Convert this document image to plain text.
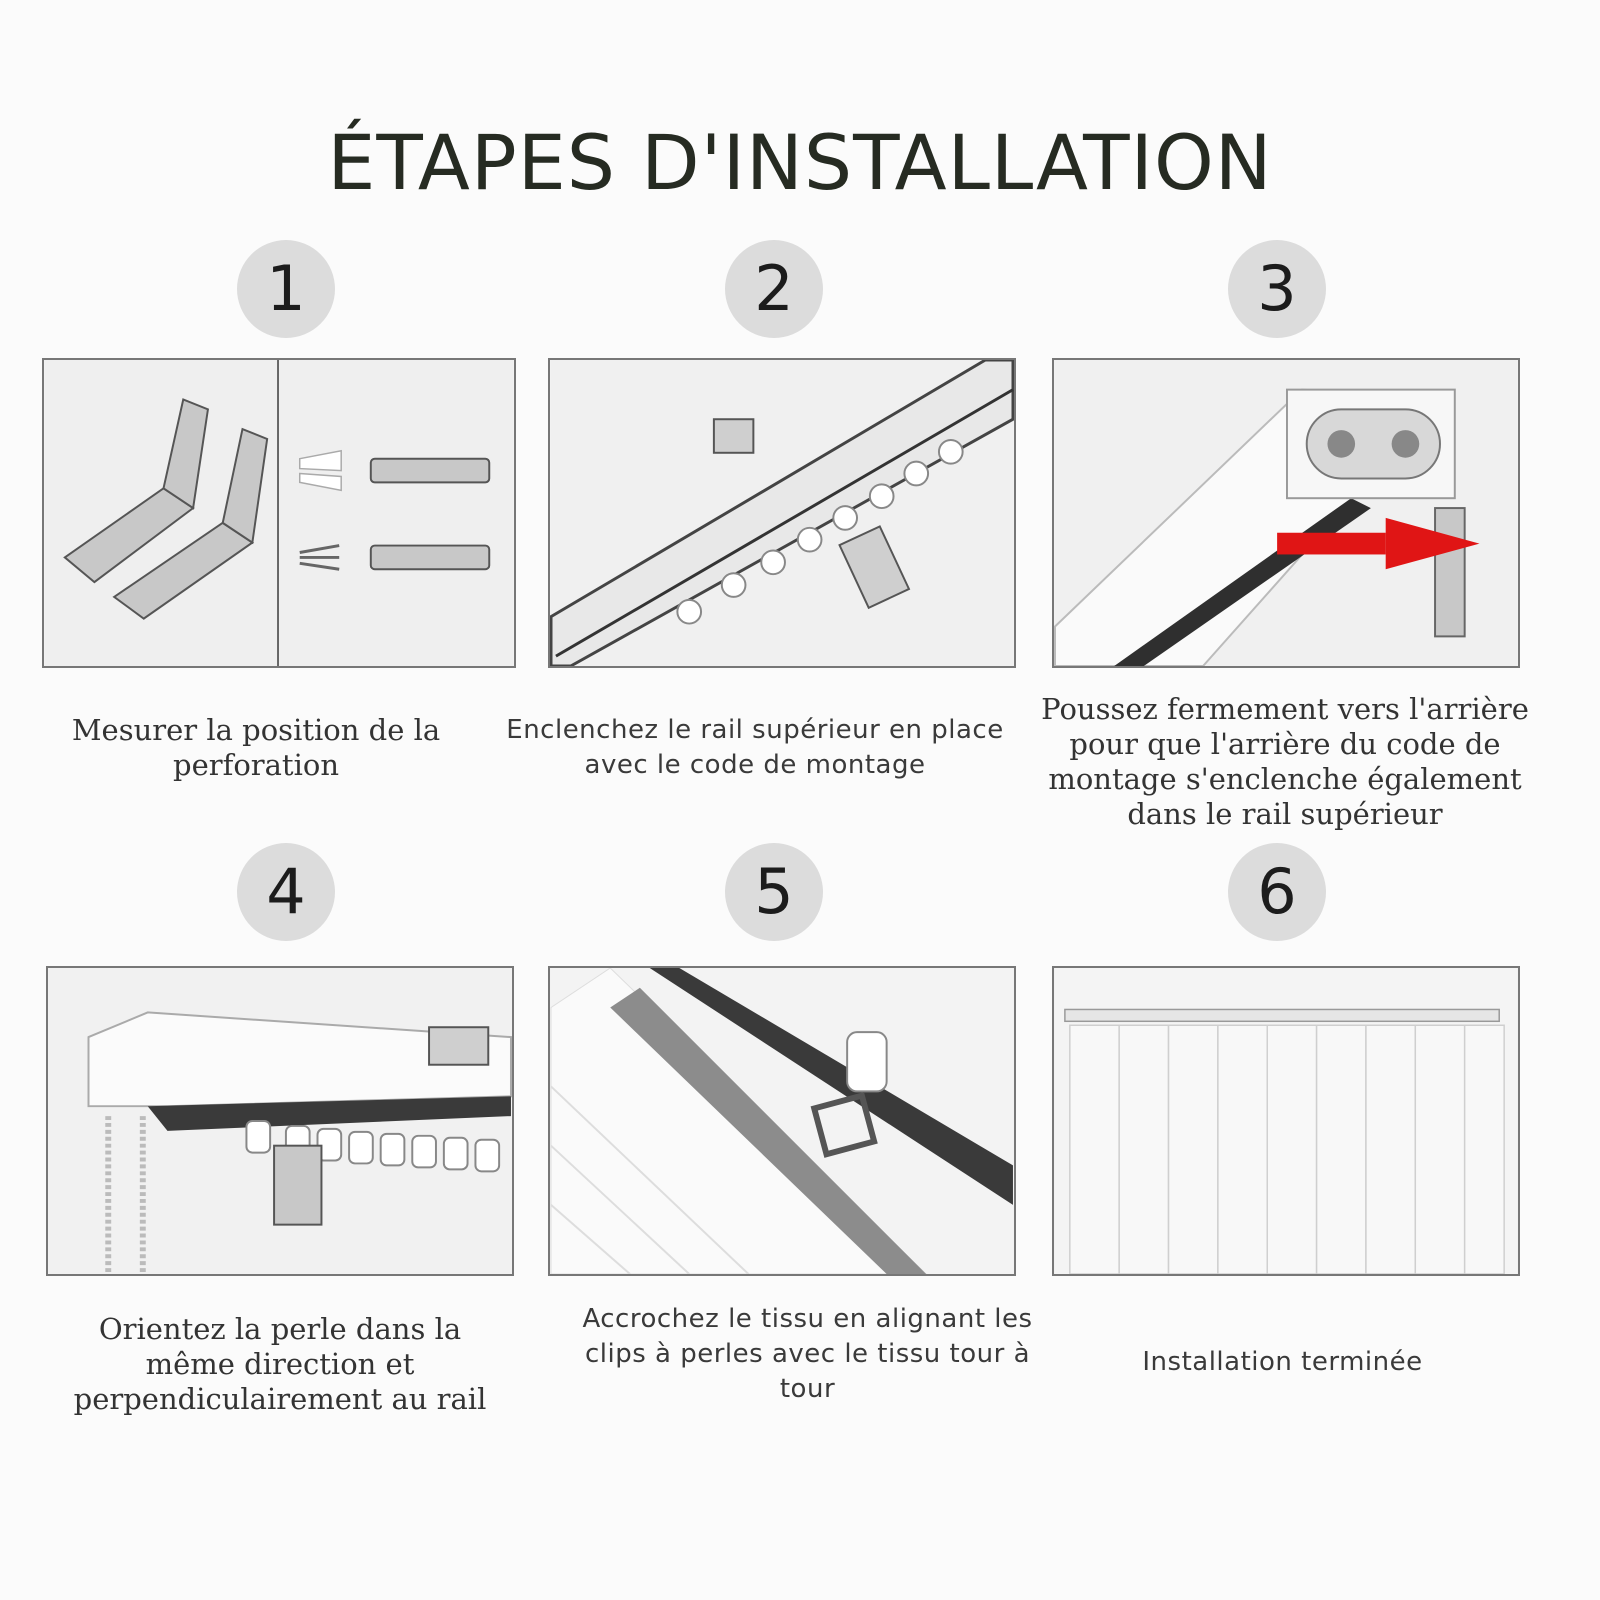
ÉTAPES D'INSTALLATION
1	2	3
Mesurer la position de la perforation
Enclenchez le rail supérieur en place avec le code de montage
Poussez fermement vers l'arrière pour que l'arrière du code de montage s'enclenche également dans le rail supérieur
4	5	6
Orientez la perle dans la même direction et perpendiculairement au rail
Accrochez le tissu en alignant les clips à perles avec le tissu tour à tour
Installation terminée
